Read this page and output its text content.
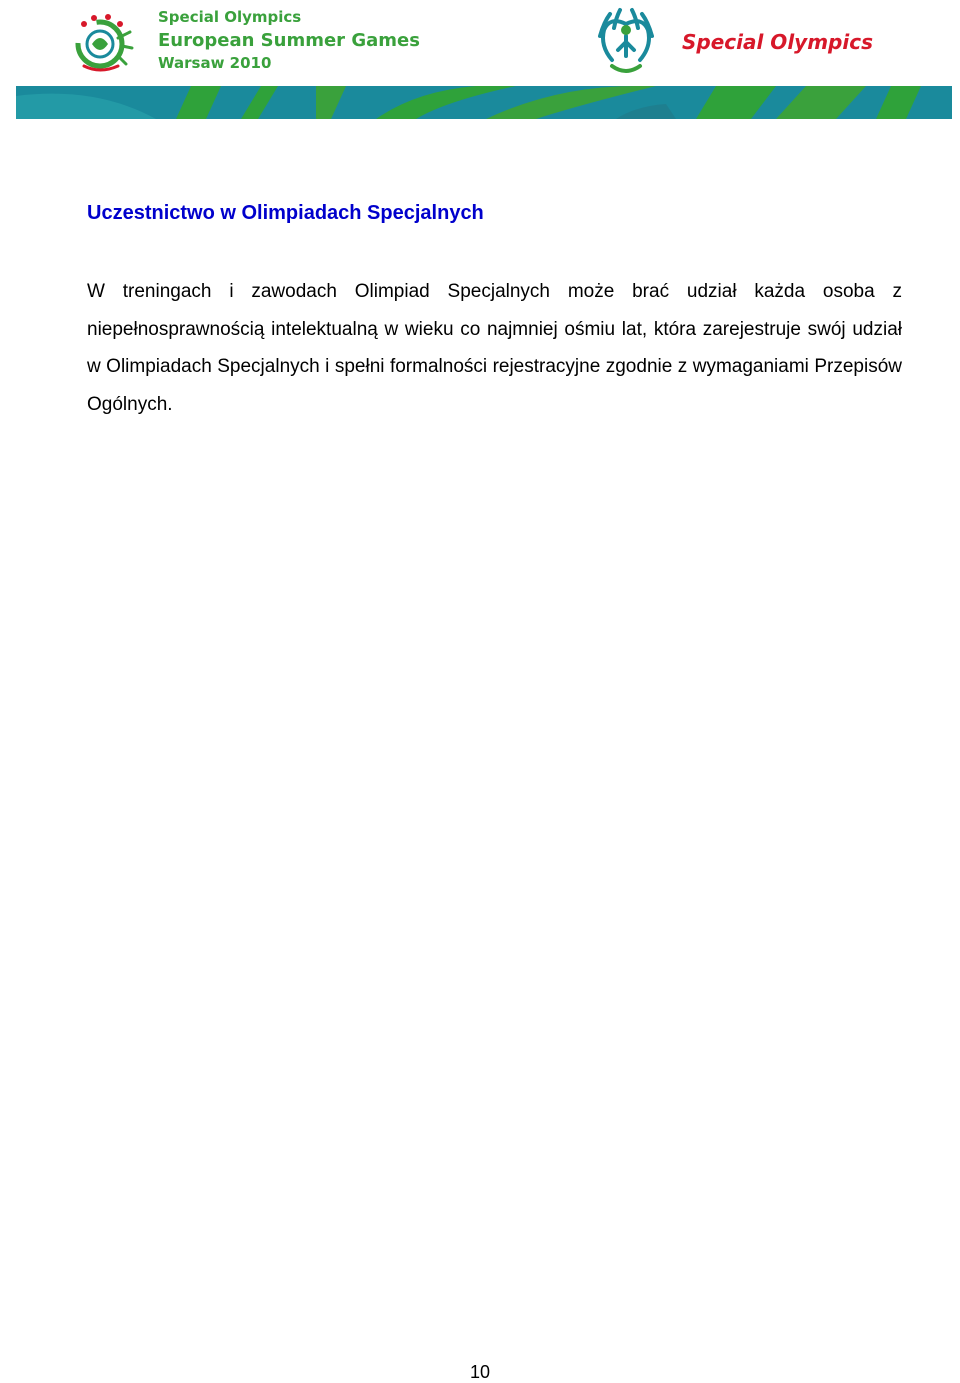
Special Olympics
European Summer Games
Warsaw 2010
Special Olympics
Uczestnictwo w Olimpiadach Specjalnych

W treningach i zawodach Olimpiad Specjalnych może brać udział każda osoba z niepełnosprawnością intelektualną w wieku co najmniej ośmiu lat, która zarejestruje swój udział w Olimpiadach Specjalnych i spełni formalności rejestracyjne zgodnie z wymaganiami Przepisów Ogólnych.

10
